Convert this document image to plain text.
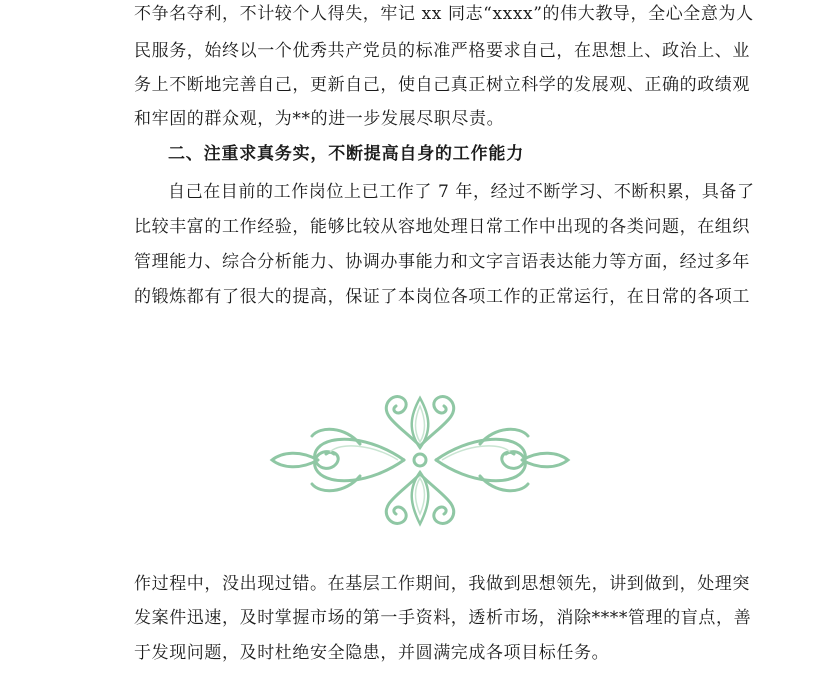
不争名夺利，不计较个人得失，牢记 xx 同志“xxxx”的伟大教导，全心全意为人
民服务，始终以一个优秀共产党员的标准严格要求自己，在思想上、政治上、业
务上不断地完善自己，更新自己，使自己真正树立科学的发展观、正确的政绩观
和牢固的群众观，为**的进一步发展尽职尽责。
二、注重求真务实，不断提高自身的工作能力
自己在目前的工作岗位上已工作了 7 年，经过不断学习、不断积累，具备了
比较丰富的工作经验，能够比较从容地处理日常工作中出现的各类问题，在组织
管理能力、综合分析能力、协调办事能力和文字言语表达能力等方面，经过多年
的锻炼都有了很大的提高，保证了本岗位各项工作的正常运行，在日常的各项工
作过程中，没出现过错。在基层工作期间，我做到思想领先，讲到做到，处理突
发案件迅速，及时掌握市场的第一手资料，透析市场，消除****管理的盲点，善
于发现问题，及时杜绝安全隐患，并圆满完成各项目标任务。
